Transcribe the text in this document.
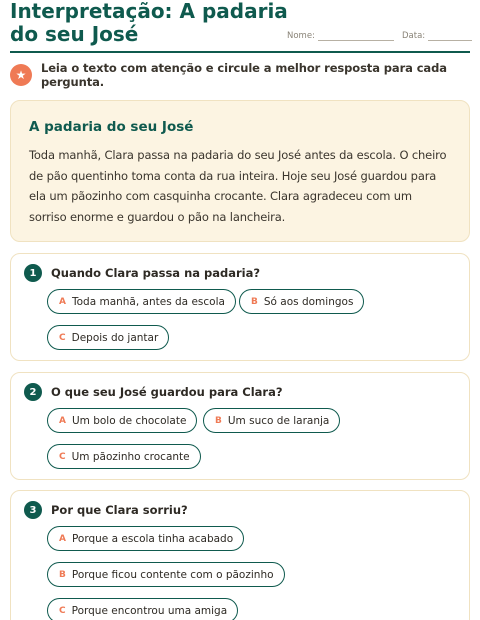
Interpretação: A padaria do seu José	Nome:	Data:
★	Leia o texto com atenção e circule a melhor resposta para cada pergunta.
A padaria do seu José
Toda manhã, Clara passa na padaria do seu José antes da escola. O cheiro de pão quentinho toma conta da rua inteira. Hoje seu José guardou para ela um pãozinho com casquinha crocante. Clara agradeceu com um sorriso enorme e guardou o pão na lancheira.
1	Quando Clara passa na padaria?
A Toda manhã, antes da escola	B Só aos domingos
C Depois do jantar
2	O que seu José guardou para Clara?
A Um bolo de chocolate	B Um suco de laranja
C Um pãozinho crocante
3	Por que Clara sorriu?
A Porque a escola tinha acabado
B Porque ficou contente com o pãozinho
C Porque encontrou uma amiga
